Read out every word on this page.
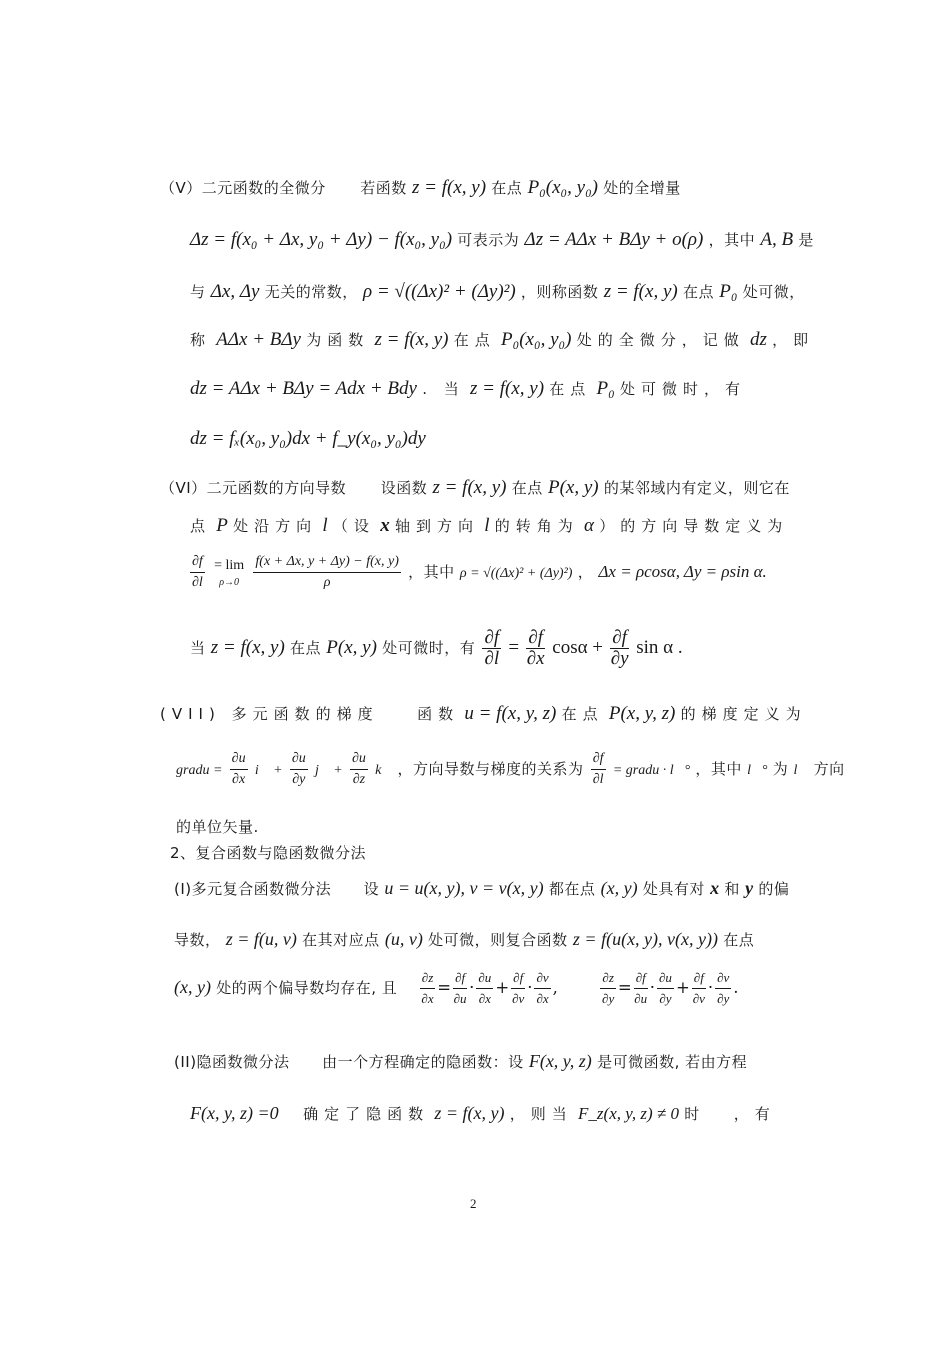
（V）二元函数的全微分 若函数 z = f(x, y) 在点 P₀(x₀, y₀) 处的全增量
Δz = f(x₀ + Δx, y₀ + Δy) − f(x₀, y₀) 可表示为 Δz = AΔx + BΔy + o(ρ) ，其中 A, B 是
与 Δx, Δy 无关的常数， ρ = √((Δx)² + (Δy)²) ，则称函数 z = f(x, y) 在点 P₀ 处可微，
称 AΔx + BΔy 为函数 z = f(x, y) 在点 P₀(x₀, y₀) 处的全微分，记做 dz ，即
dz = AΔx + BΔy = Adx + Bdy . 当 z = f(x, y) 在点 P₀ 处可微时，有
dz = fₓ(x₀, y₀)dx + f_y(x₀, y₀)dy
（VI）二元函数的方向导数 设函数 z = f(x, y) 在点 P(x, y) 的某邻域内有定义，则它在
点 P 处沿方向 l （设 x 轴到方向 l 的转角为 α ）的方向导数定义为
$\frac{\partial f}{\partial l}$
= lim
ρ→0
	$\frac{f(x + \Delta x, y + \Delta y) - f(x, y)}{\rho}$ ，其中 ρ = √((Δx)² + (Δy)²) ， Δx = ρcosα, Δy = ρsin α.
当 z = f(x, y) 在点 P(x, y) 处可微时，有 $\frac{\partial f}{\partial l} = \frac{\partial f}{\partial x}$ $\cos\alpha + \frac{\partial f}{\partial y}$ sin α .
(VII) 多元函数的梯度	函数 u = f(x, y, z) 在点 P(x, y, z) 的梯度定义为
gradu = $\frac{\partial u}{\partial x}$ i⃗ + $\frac{\partial u}{\partial y}$ j⃗ + $\frac{\partial u}{\partial z}$ k⃗ ，方向导数与梯度的关系为 $\frac{\partial f}{\partial l}$ = gradu · l⃗° ，其中 l⃗° 为 l⃗ 方向
的单位矢量.
2、复合函数与隐函数微分法
(I)多元复合函数微分法 设 u = u(x, y), v = v(x, y) 都在点 (x, y) 处具有对 x 和 y 的偏
导数， z = f(u, v) 在其对应点 (u, v) 处可微，则复合函数 z = f(u(x, y), v(x, y)) 在点
(x, y) 处的两个偏导数均存在, 且 $\frac{\partial z}{\partial x} = \frac{\partial f}{\partial u} \cdot \frac{\partial u}{\partial x} + \frac{\partial f}{\partial v} \cdot \frac{\partial v}{\partial x}$ ,	$\frac{\partial z}{\partial y} = \frac{\partial f}{\partial u} \cdot \frac{\partial u}{\partial y} + \frac{\partial f}{\partial v} \cdot \frac{\partial v}{\partial y}$ .
(II)隐函数微分法 由一个方程确定的隐函数：设 F(x, y, z) 是可微函数, 若由方程
F(x, y, z) =0 确定了隐函数 z = f(x, y) ，则当 F_z(x, y, z) ≠ 0 时 ，有
2
